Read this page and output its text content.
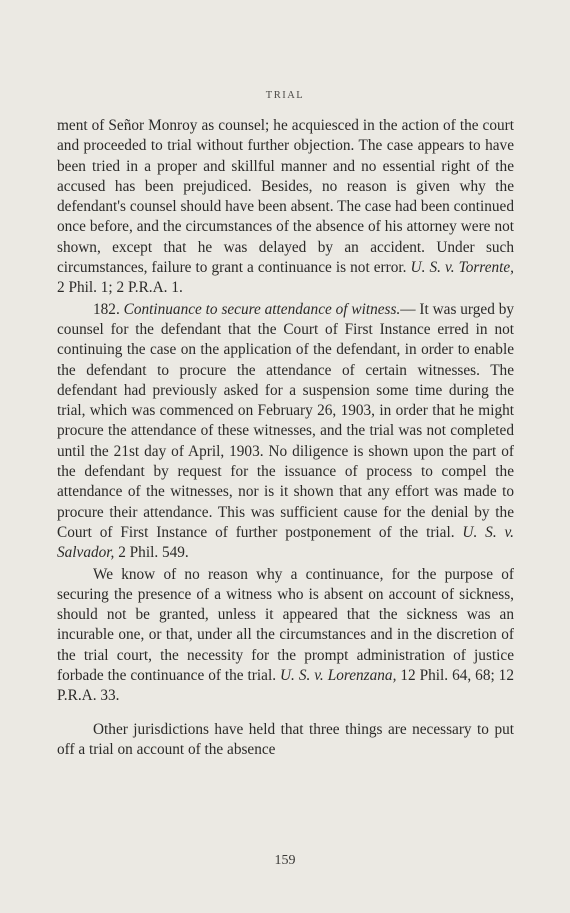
TRIAL

ment of Señor Monroy as counsel; he acquiesced in the action of the court and proceeded to trial without further objection. The case appears to have been tried in a proper and skillful manner and no essential right of the accused has been prejudiced. Besides, no reason is given why the defendant's counsel should have been absent. The case had been continued once before, and the circumstances of the absence of his attorney were not shown, except that he was delayed by an accident. Under such circumstances, failure to grant a continuance is not error. U. S. v. Torrente, 2 Phil. 1; 2 P.R.A. 1.

182. Continuance to secure attendance of witness.— It was urged by counsel for the defendant that the Court of First Instance erred in not continuing the case on the application of the defendant, in order to enable the defendant to procure the attendance of certain witnesses. The defendant had previously asked for a suspension some time during the trial, which was commenced on February 26, 1903, in order that he might procure the attendance of these witnesses, and the trial was not completed until the 21st day of April, 1903. No diligence is shown upon the part of the defendant by request for the issuance of process to compel the attendance of the witnesses, nor is it shown that any effort was made to procure their attendance. This was sufficient cause for the denial by the Court of First Instance of further postponement of the trial. U. S. v. Salvador, 2 Phil. 549.

We know of no reason why a continuance, for the purpose of securing the presence of a witness who is absent on account of sickness, should not be granted, unless it appeared that the sickness was an incurable one, or that, under all the circumstances and in the discretion of the trial court, the necessity for the prompt administration of justice forbade the continuance of the trial. U. S. v. Lorenzana, 12 Phil. 64, 68; 12 P.R.A. 33.

Other jurisdictions have held that three things are necessary to put off a trial on account of the absence

159
